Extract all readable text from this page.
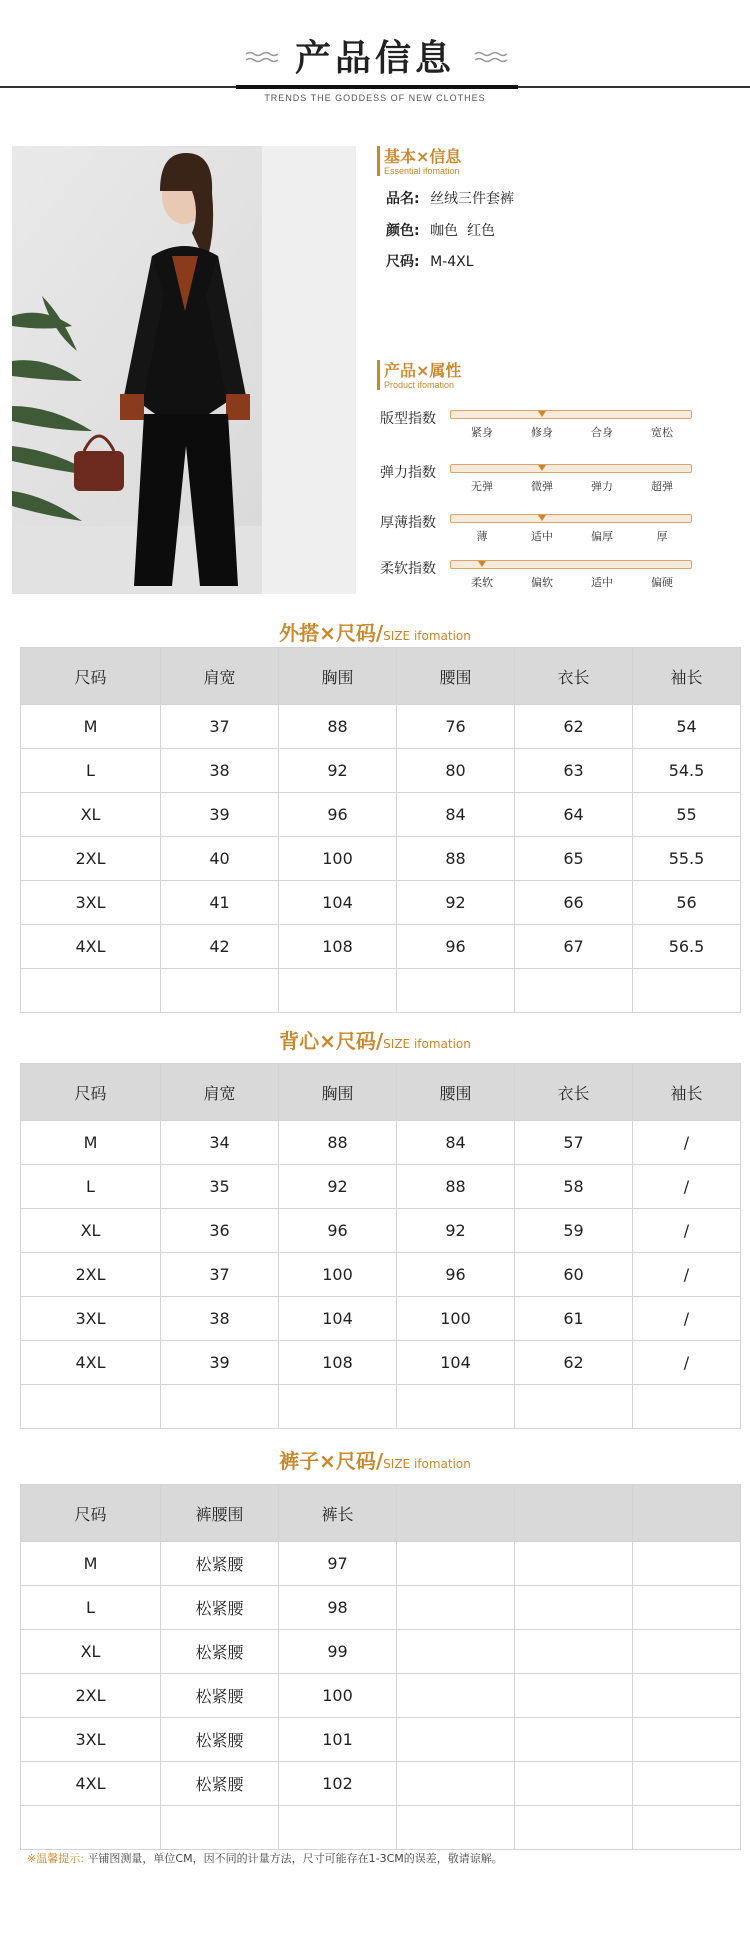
产品信息
TRENDS THE GODDESS OF NEW CLOTHES
基本×信息
Essential ifomation
品名: 丝绒三件套裤
颜色: 咖色  红色
尺码: M-4XL
产品×属性
Product ifomation
版型指数
紧身	修身	合身	宽松
弹力指数
无弹	微弹	弹力	超弹
厚薄指数
薄	适中	偏厚	厚
柔软指数
柔软	偏软	适中	偏硬
外搭×尺码/SIZE ifomation
尺码	肩宽	胸围	腰围	衣长	袖长
M	37	88	76	62	54
L	38	92	80	63	54.5
XL	39	96	84	64	55
2XL	40	100	88	65	55.5
3XL	41	104	92	66	56
4XL	42	108	96	67	56.5

背心×尺码/SIZE ifomation
尺码	肩宽	胸围	腰围	衣长	袖长
M	34	88	84	57	/
L	35	92	88	58	/
XL	36	96	92	59	/
2XL	37	100	96	60	/
3XL	38	104	100	61	/
4XL	39	108	104	62	/

裤子×尺码/SIZE ifomation
尺码	裤腰围	裤长			
M	松紧腰	97			
L	松紧腰	98			
XL	松紧腰	99			
2XL	松紧腰	100			
3XL	松紧腰	101			
4XL	松紧腰	102			

※温馨提示: 平铺图测量，单位CM，因不同的计量方法，尺寸可能存在1-3CM的误差，敬请谅解。
